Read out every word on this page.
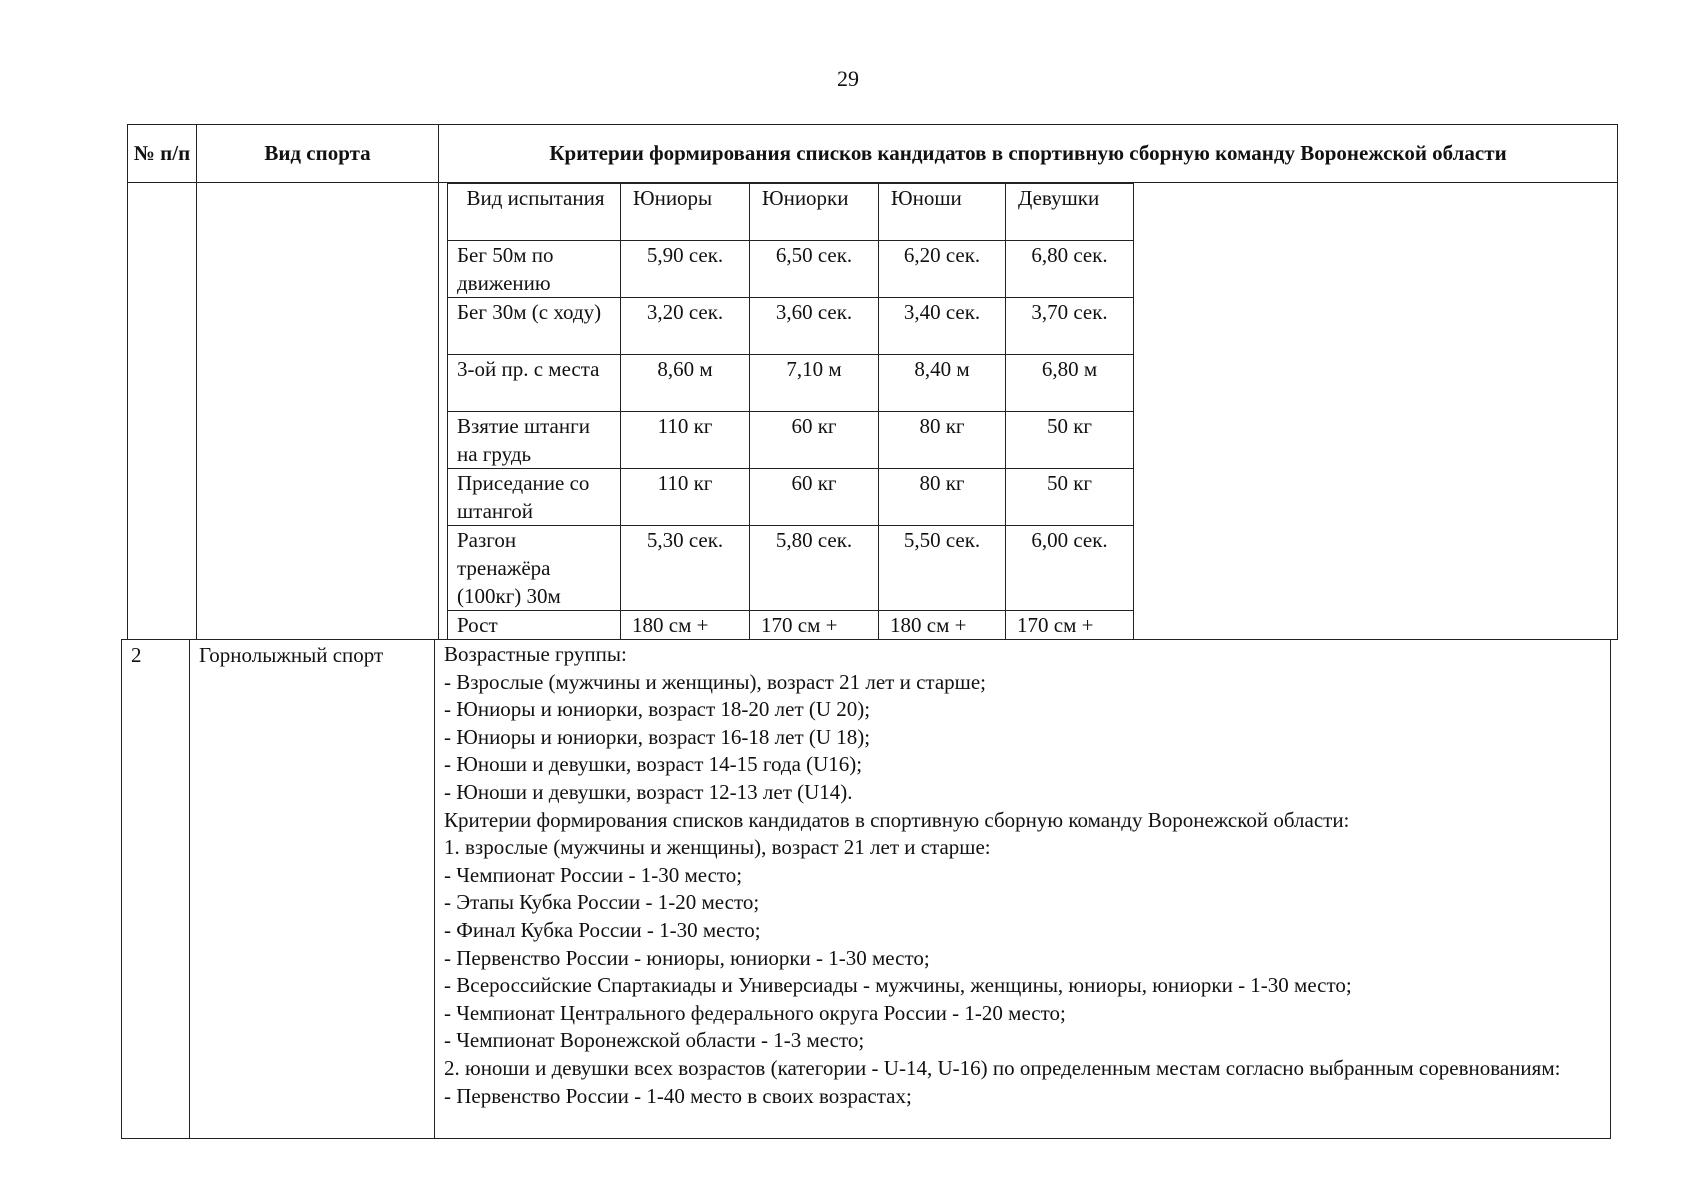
29
№ п/п	Вид спорта	Критерии формирования списков кандидатов в спортивную сборную команду Воронежской области
Вид испытания	Юниоры	Юниорки	Юноши	Девушки
Бег 50м по движению	5,90 сек.	6,50 сек.	6,20 сек.	6,80 сек.
Бег 30м (с ходу)	3,20 сек.	3,60 сек.	3,40 сек.	3,70 сек.
3-ой пр. с места	8,60 м	7,10 м	8,40 м	6,80 м
Взятие штанги на грудь	110 кг	60 кг	80 кг	50 кг
Приседание со штангой	110 кг	60 кг	80 кг	50 кг
Разгон тренажёра (100кг) 30м	5,30 сек.	5,80 сек.	5,50 сек.	6,00 сек.
Рост	180 см +	170 см +	180 см +	170 см +
2	Горнолыжный спорт	Возрастные группы:
- Взрослые (мужчины и женщины), возраст 21 лет и старше;
- Юниоры и юниорки, возраст 18-20 лет (U 20);
- Юниоры и юниорки, возраст 16-18 лет (U 18);
- Юноши и девушки, возраст 14-15 года (U16);
- Юноши и девушки, возраст 12-13 лет (U14).
Критерии формирования списков кандидатов в спортивную сборную команду Воронежской области:
1. взрослые (мужчины и женщины), возраст 21 лет и старше:
- Чемпионат России - 1-30 место;
- Этапы Кубка России - 1-20 место;
- Финал Кубка России - 1-30 место;
- Первенство России - юниоры, юниорки - 1-30 место;
- Всероссийские Спартакиады и Универсиады - мужчины, женщины, юниоры, юниорки - 1-30 место;
- Чемпионат Центрального федерального округа России - 1-20 место;
- Чемпионат Воронежской области - 1-3 место;
2. юноши и девушки всех возрастов (категории - U-14, U-16) по определенным местам согласно выбранным соревнованиям:
- Первенство России - 1-40 место в своих возрастах;
